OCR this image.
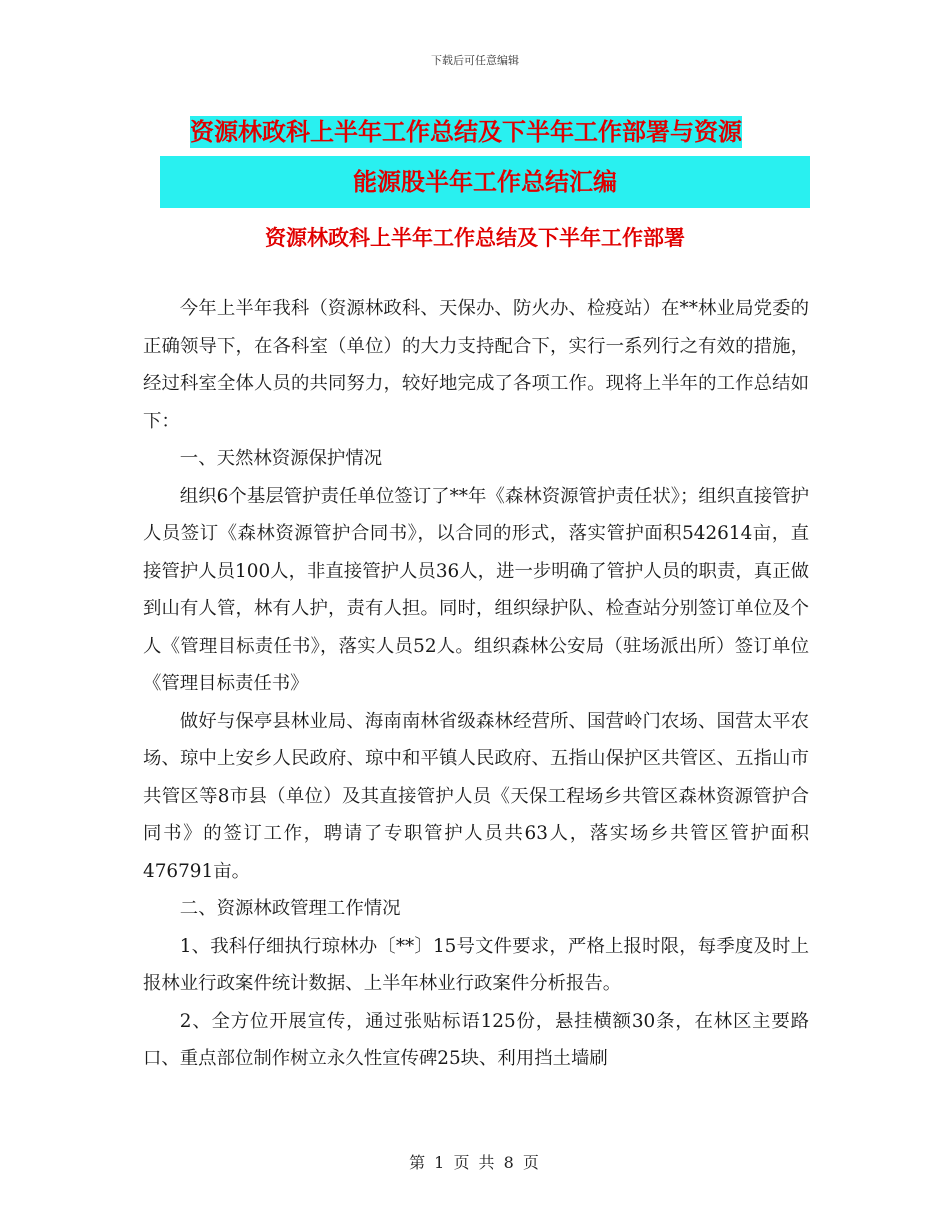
下载后可任意编辑
资源林政科上半年工作总结及下半年工作部署与资源
能源股半年工作总结汇编
资源林政科上半年工作总结及下半年工作部署

今年上半年我科（资源林政科、天保办、防火办、检疫站）在**林业局党委的正确领导下，在各科室（单位）的大力支持配合下，实行一系列行之有效的措施，经过科室全体人员的共同努力，较好地完成了各项工作。现将上半年的工作总结如下：

一、天然林资源保护情况

组织6个基层管护责任单位签订了**年《森林资源管护责任状》；组织直接管护人员签订《森林资源管护合同书》，以合同的形式，落实管护面积542614亩，直接管护人员100人，非直接管护人员36人，进一步明确了管护人员的职责，真正做到山有人管，林有人护，责有人担。同时，组织绿护队、检查站分别签订单位及个人《管理目标责任书》，落实人员52人。组织森林公安局（驻场派出所）签订单位《管理目标责任书》

做好与保亭县林业局、海南南林省级森林经营所、国营岭门农场、国营太平农场、琼中上安乡人民政府、琼中和平镇人民政府、五指山保护区共管区、五指山市共管区等8市县（单位）及其直接管护人员《天保工程场乡共管区森林资源管护合同书》的签订工作，聘请了专职管护人员共63人，落实场乡共管区管护面积476791亩。

二、资源林政管理工作情况

1、我科仔细执行琼林办〔**〕15号文件要求，严格上报时限，每季度及时上报林业行政案件统计数据、上半年林业行政案件分析报告。

2、全方位开展宣传，通过张贴标语125份，悬挂横额30条，在林区主要路口、重点部位制作树立永久性宣传碑25块、利用挡土墙刷

第 1 页 共 8 页
